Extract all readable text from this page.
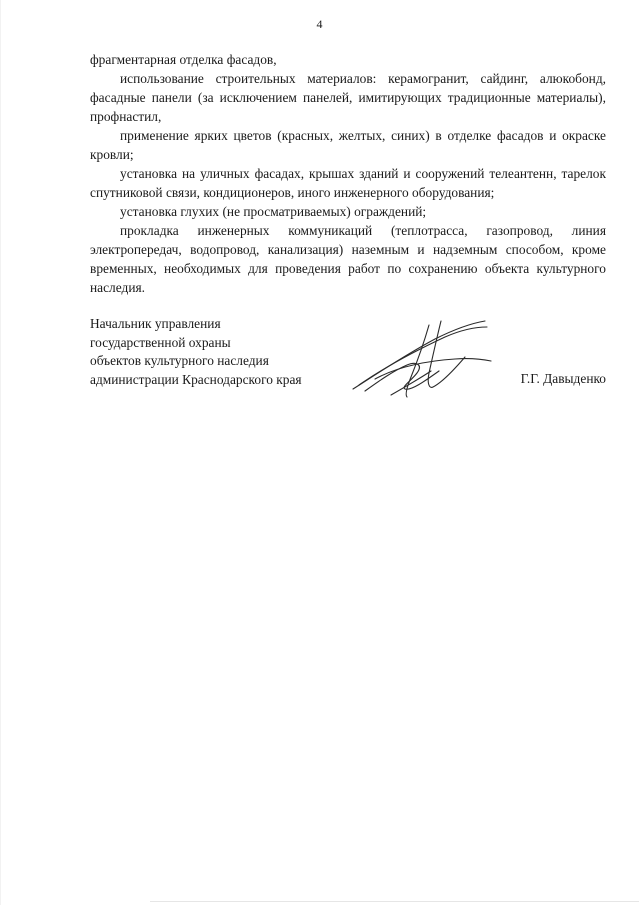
4

фрагментарная отделка фасадов,

использование строительных материалов: керамогранит, сайдинг, алюкобонд, фасадные панели (за исключением панелей, имитирующих традиционные материалы), профнастил,

применение ярких цветов (красных, желтых, синих) в отделке фасадов и окраске кровли;

установка на уличных фасадах, крышах зданий и сооружений телеантенн, тарелок спутниковой связи, кондиционеров, иного инженерного оборудования;

установка глухих (не просматриваемых) ограждений;

прокладка инженерных коммуникаций (теплотрасса, газопровод, линия электропередач, водопровод, канализация) наземным и надземным способом, кроме временных, необходимых для проведения работ по сохранению объекта культурного наследия.

Начальник управления
государственной охраны
объектов культурного наследия
администрации Краснодарского края	Г.Г. Давыденко
